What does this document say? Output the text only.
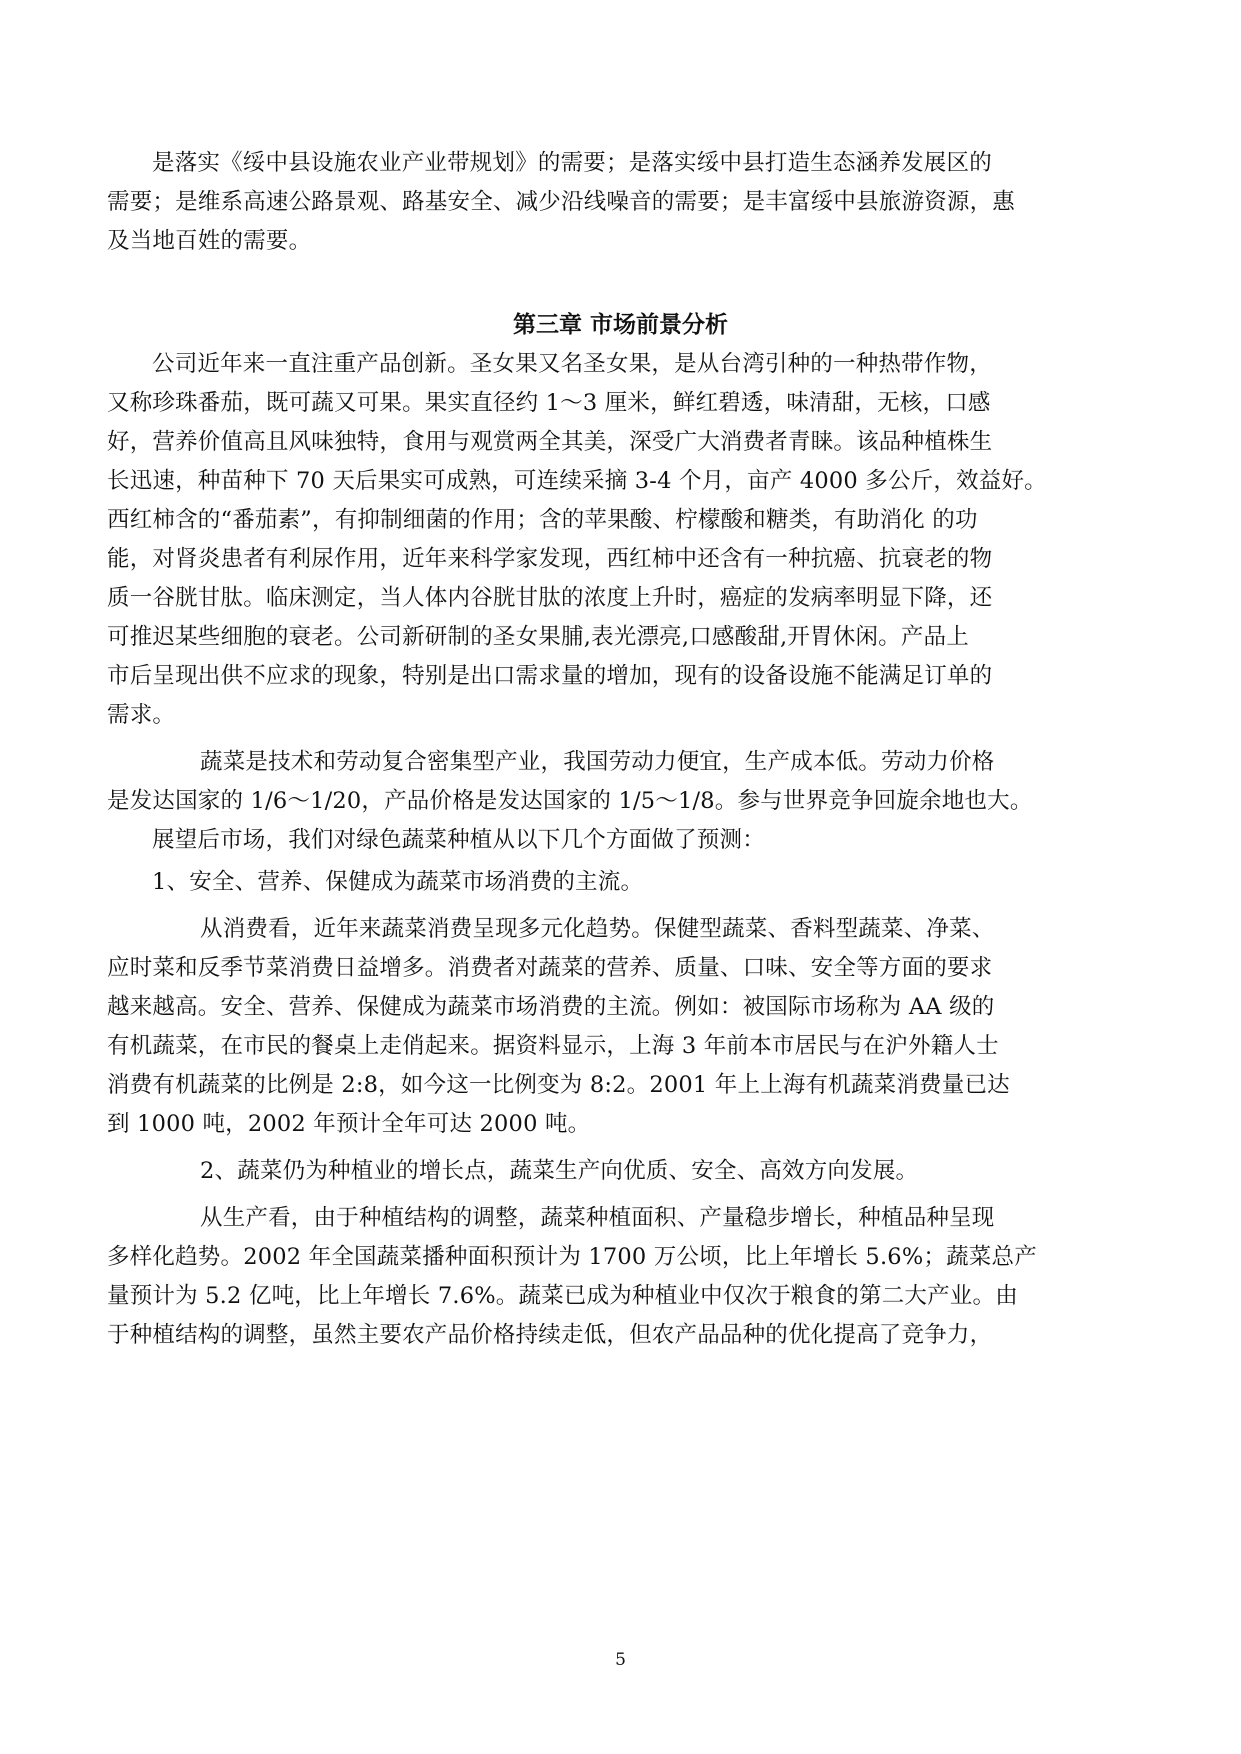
是落实《绥中县设施农业产业带规划》的需要；是落实绥中县打造生态涵养发展区的
需要；是维系高速公路景观、路基安全、减少沿线噪音的需要；是丰富绥中县旅游资源，惠
及当地百姓的需要。
第三章 市场前景分析
公司近年来一直注重产品创新。圣女果又名圣女果，是从台湾引种的一种热带作物，
又称珍珠番茄，既可蔬又可果。果实直径约 1～3 厘米，鲜红碧透，味清甜，无核，口感
好，营养价值高且风味独特，食用与观赏两全其美，深受广大消费者青睐。该品种植株生
长迅速，种苗种下 70 天后果实可成熟，可连续采摘 3-4 个月，亩产 4000 多公斤，效益好。
西红柿含的“番茄素”，有抑制细菌的作用；含的苹果酸、柠檬酸和糖类，有助消化 的功
能，对肾炎患者有利尿作用，近年来科学家发现，西红柿中还含有一种抗癌、抗衰老的物
质一谷胱甘肽。临床测定，当人体内谷胱甘肽的浓度上升时，癌症的发病率明显下降，还
可推迟某些细胞的衰老。公司新研制的圣女果脯,表光漂亮,口感酸甜,开胃休闲。产品上
市后呈现出供不应求的现象，特别是出口需求量的增加，现有的设备设施不能满足订单的
需求。
蔬菜是技术和劳动复合密集型产业，我国劳动力便宜，生产成本低。劳动力价格
是发达国家的 1/6～1/20，产品价格是发达国家的 1/5～1/8。参与世界竞争回旋余地也大。
展望后市场，我们对绿色蔬菜种植从以下几个方面做了预测：
1、安全、营养、保健成为蔬菜市场消费的主流。
从消费看，近年来蔬菜消费呈现多元化趋势。保健型蔬菜、香料型蔬菜、净菜、
应时菜和反季节菜消费日益增多。消费者对蔬菜的营养、质量、口味、安全等方面的要求
越来越高。安全、营养、保健成为蔬菜市场消费的主流。例如：被国际市场称为 AA 级的
有机蔬菜，在市民的餐桌上走俏起来。据资料显示，上海 3 年前本市居民与在沪外籍人士
消费有机蔬菜的比例是 2:8，如今这一比例变为 8:2。2001 年上上海有机蔬菜消费量已达
到 1000 吨，2002 年预计全年可达 2000 吨。
2、蔬菜仍为种植业的增长点，蔬菜生产向优质、安全、高效方向发展。
从生产看，由于种植结构的调整，蔬菜种植面积、产量稳步增长，种植品种呈现
多样化趋势。2002 年全国蔬菜播种面积预计为 1700 万公顷，比上年增长 5.6%；蔬菜总产
量预计为 5.2 亿吨，比上年增长 7.6%。蔬菜已成为种植业中仅次于粮食的第二大产业。由
于种植结构的调整，虽然主要农产品价格持续走低，但农产品品种的优化提高了竞争力，
5
